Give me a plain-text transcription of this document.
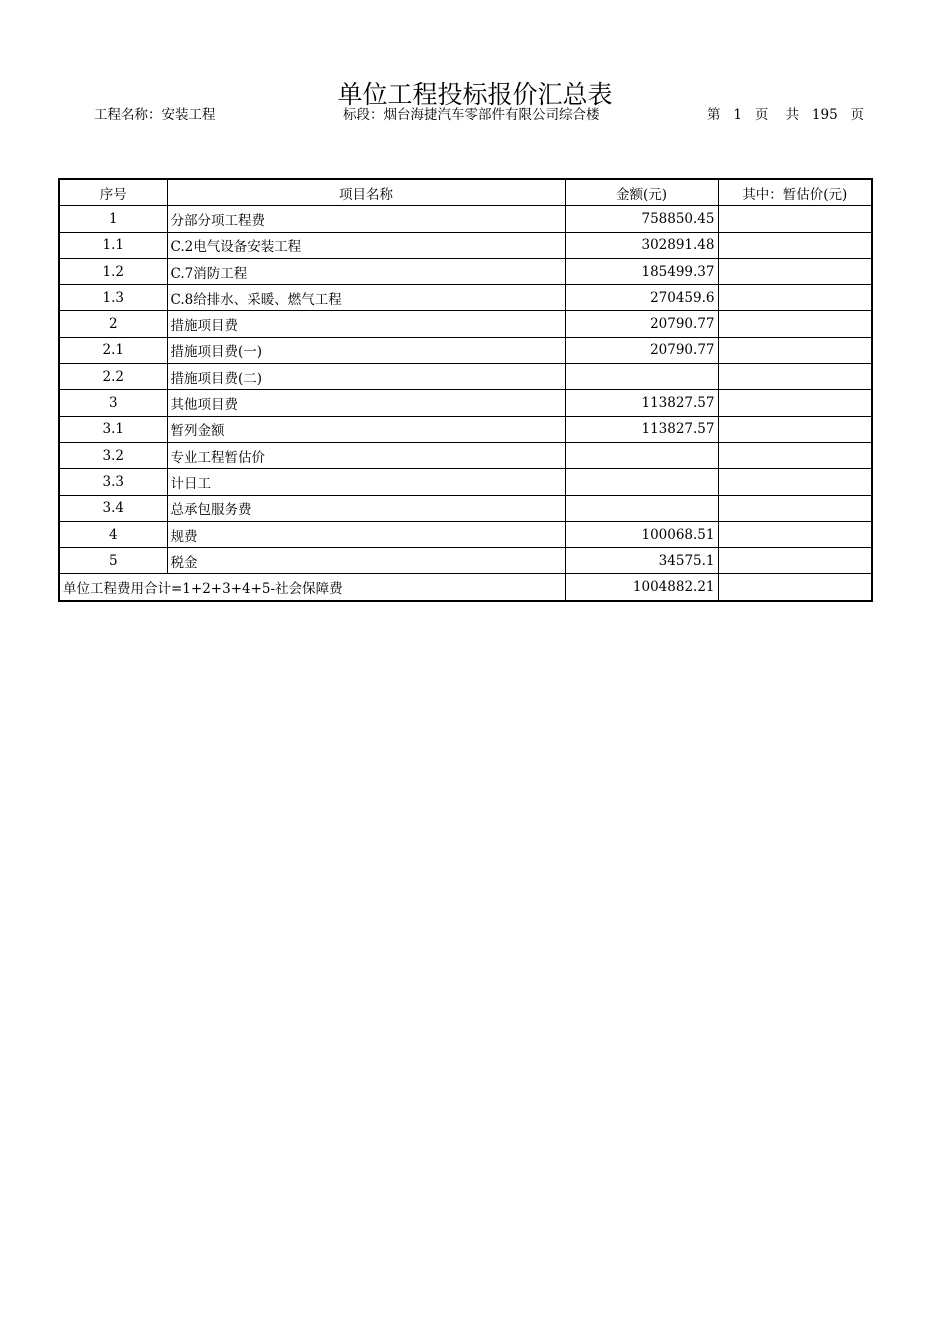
单位工程投标报价汇总表
工程名称：安装工程	标段：烟台海捷汽车零部件有限公司综合楼	第 1 页 共 195 页
序号	项目名称	金额(元)	其中：暂估价(元)
1	分部分项工程费	758850.45	
1.1	C.2电气设备安装工程	302891.48	
1.2	C.7消防工程	185499.37	
1.3	C.8给排水、采暖、燃气工程	270459.6	
2	措施项目费	20790.77	
2.1	措施项目费(一)	20790.77	
2.2	措施项目费(二)		
3	其他项目费	113827.57	
3.1	暂列金额	113827.57	
3.2	专业工程暂估价		
3.3	计日工		
3.4	总承包服务费		
4	规费	100068.51	
5	税金	34575.1	
单位工程费用合计=1+2+3+4+5-社会保障费		1004882.21	
